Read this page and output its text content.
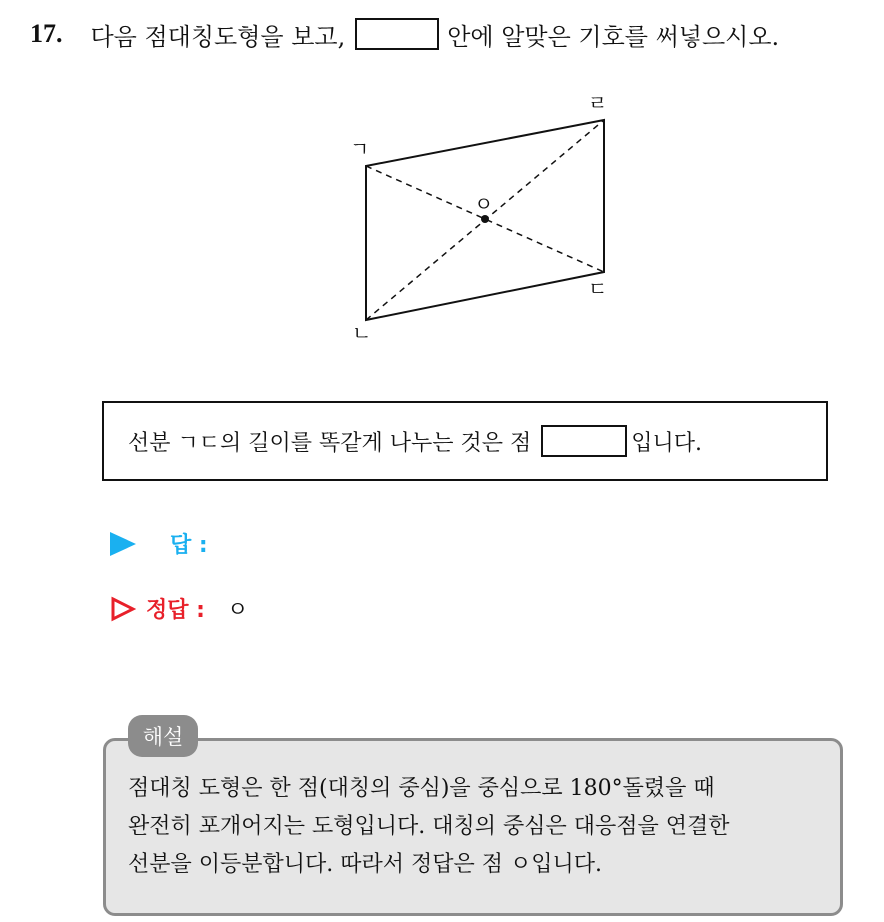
17. 다음 점대칭도형을 보고,	안에 알맞은 기호를 써넣으시오.
ㄱ
ㄴ
ㄷ
ㄹ
ㅇ
선분 ㄱㄷ의 길이를 똑같게 나누는 것은 점	입니다.
답 :
정답 : ㅇ
해설
점대칭 도형은 한 점(대칭의 중심)을 중심으로 180°돌렸을 때
완전히 포개어지는 도형입니다. 대칭의 중심은 대응점을 연결한
선분을 이등분합니다. 따라서 정답은 점 ㅇ입니다.
